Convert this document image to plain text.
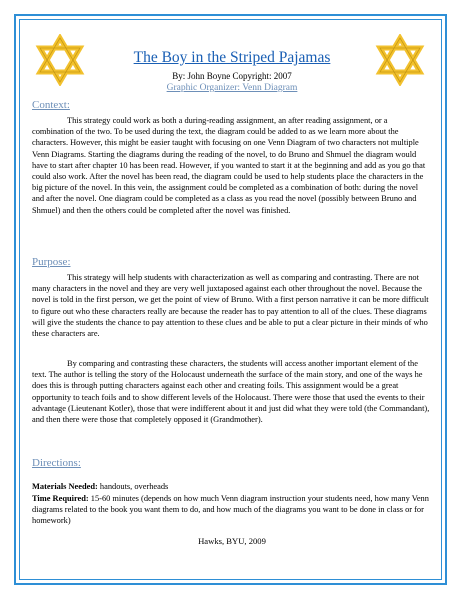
The Boy in the Striped Pajamas
By: John Boyne Copyright: 2007
Graphic Organizer: Venn Diagram
Context:

This strategy could work as both a during-reading assignment, an after reading assignment, or a combination of the two. To be used during the text, the diagram could be added to as we learn more about the characters. However, this might be easier taught with focusing on one Venn Diagram of two characters not multiple Venn Diagrams. Starting the diagrams during the reading of the novel, to do Bruno and Shmuel the diagram would have to start after chapter 10 has been read. However, if you wanted to start it at the beginning and add as you go that could also work. After the novel has been read, the diagram could be used to help students place the characters in the big picture of the novel. In this vein, the assignment could be completed as a combination of both: during the novel and after the novel. One diagram could be completed as a class as you read the novel (possibly between Bruno and Shmuel) and then the others could be completed after the novel was finished.

Purpose:

This strategy will help students with characterization as well as comparing and contrasting. There are not many characters in the novel and they are very well juxtaposed against each other throughout the novel. Because the novel is told in the first person, we get the point of view of Bruno. With a first person narrative it can be more difficult to figure out who these characters really are because the reader has to pay attention to all of the clues. These diagrams will give the students the chance to pay attention to these clues and be able to put a clear picture in their minds of who these characters are.

By comparing and contrasting these characters, the students will access another important element of the text. The author is telling the story of the Holocaust underneath the surface of the main story, and one of the ways he does this is through putting characters against each other and creating foils. This assignment would be a great opportunity to teach foils and to show different levels of the Holocaust. There were those that used the events to their advantage (Lieutenant Kotler), those that were indifferent about it and just did what they were told (the Commandant), and then there were those that completely opposed it (Grandmother).

Directions:

Materials Needed: handouts, overheads

Time Required: 15-60 minutes (depends on how much Venn diagram instruction your students need, how many Venn diagrams related to the book you want them to do, and how much of the diagrams you want to be done in class or for homework)

Hawks, BYU, 2009
